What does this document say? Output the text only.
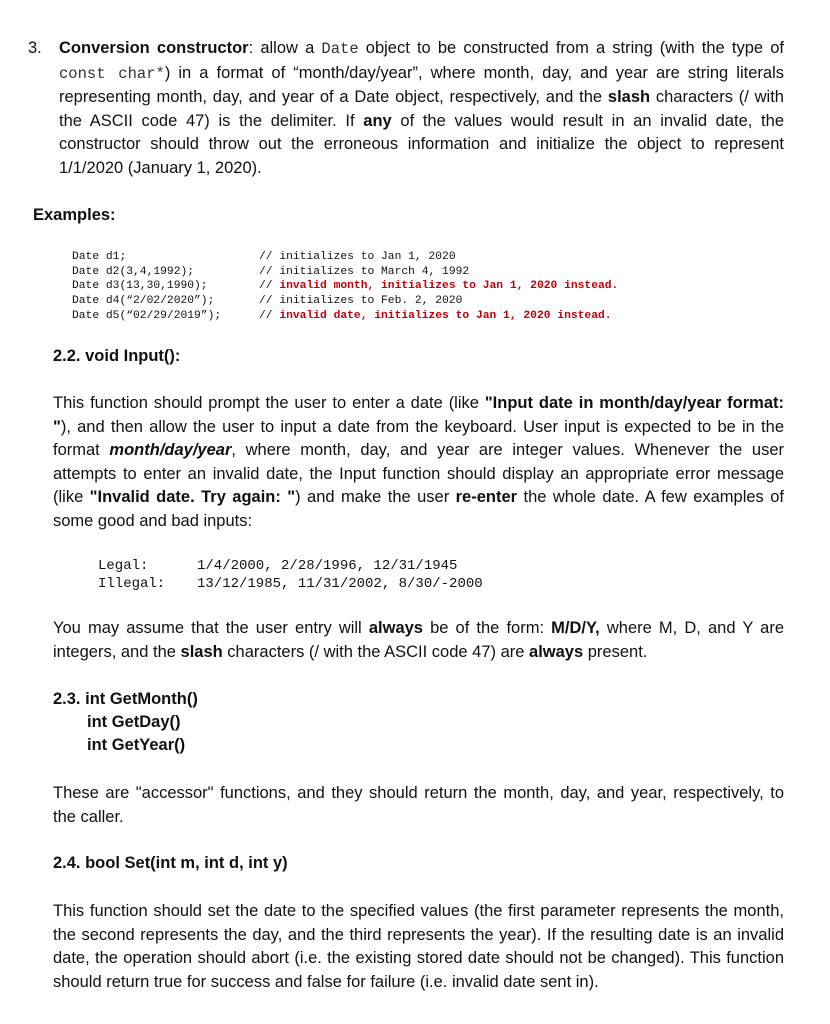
3. Conversion constructor: allow a Date object to be constructed from a string (with the type of const char*) in a format of “month/day/year”, where month, day, and year are string literals representing month, day, and year of a Date object, respectively, and the slash characters (/ with the ASCII code 47) is the delimiter. If any of the values would result in an invalid date, the constructor should throw out the erroneous information and initialize the object to represent 1/1/2020 (January 1, 2020).
Examples:
Date d1;	// initializes to Jan 1, 2020
Date d2(3,4,1992);	// initializes to March 4, 1992
Date d3(13,30,1990);	// invalid month, initializes to Jan 1, 2020 instead.
Date d4(“2/02/2020”);	// initializes to Feb. 2, 2020
Date d5(“02/29/2019”);	// invalid date, initializes to Jan 1, 2020 instead.
2.2. void Input():
This function should prompt the user to enter a date (like "Input date in month/day/year format: "), and then allow the user to input a date from the keyboard. User input is expected to be in the format month/day/year, where month, day, and year are integer values. Whenever the user attempts to enter an invalid date, the Input function should display an appropriate error message (like "Invalid date. Try again: ") and make the user re-enter the whole date. A few examples of some good and bad inputs:
Legal:	1/4/2000, 2/28/1996, 12/31/1945
Illegal: 13/12/1985, 11/31/2002, 8/30/-2000
You may assume that the user entry will always be of the form: M/D/Y, where M, D, and Y are integers, and the slash characters (/ with the ASCII code 47) are always present.
2.3. int GetMonth()
int GetDay()
int GetYear()
These are "accessor" functions, and they should return the month, day, and year, respectively, to the caller.
2.4. bool Set(int m, int d, int y)
This function should set the date to the specified values (the first parameter represents the month, the second represents the day, and the third represents the year). If the resulting date is an invalid date, the operation should abort (i.e. the existing stored date should not be changed). This function should return true for success and false for failure (i.e. invalid date sent in).
